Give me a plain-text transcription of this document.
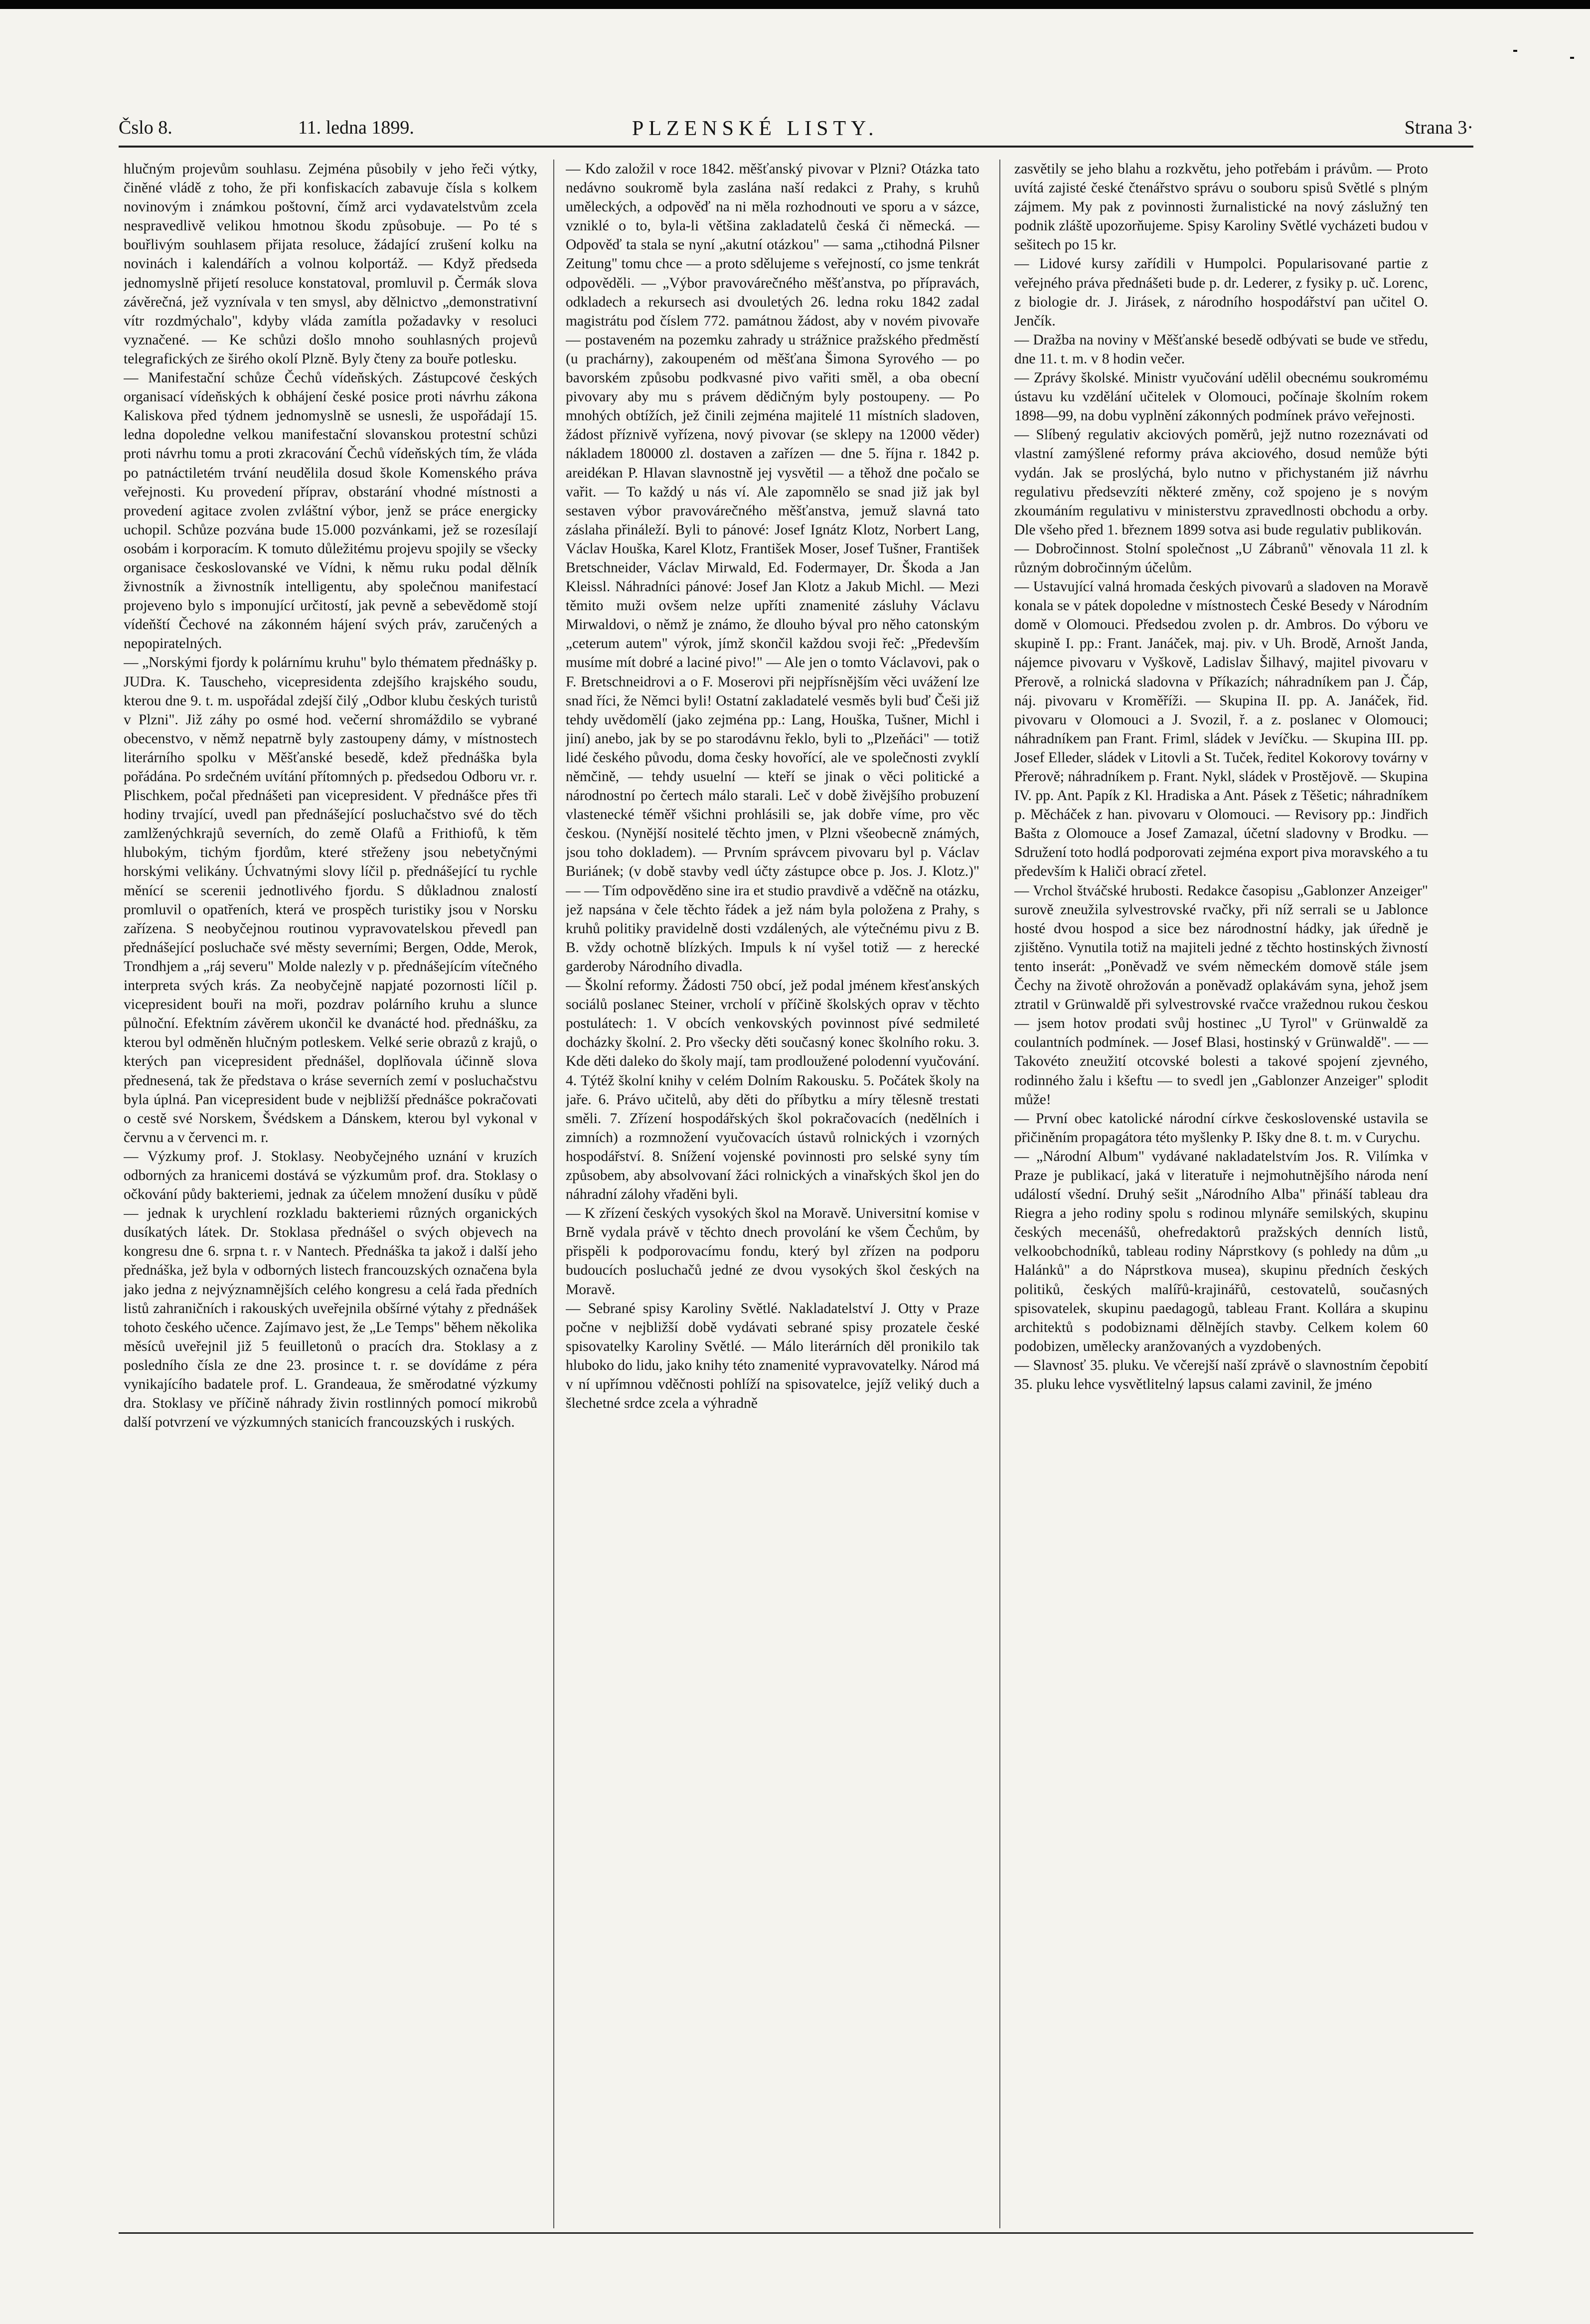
Čslo 8.	11. ledna 1899.	PLZENSKÉ LISTY.	Strana 3·

hlučným projevům souhlasu. Zejména působily v jeho řeči výtky, činěné vládě z toho, že při konfiskacích zabavuje čísla s kolkem novinovým i známkou poštovní, čímž arci vydavatelstvům zcela nespravedlivě velikou hmotnou škodu způsobuje. — Po té s bouřlivým souhlasem přijata resoluce, žádající zrušení kolku na novinách i kalendářích a volnou kolportáž. — Když předseda jednomyslně přijetí resoluce konstatoval, promluvil p. Čermák slova závěrečná, jež vyznívala v ten smysl, aby dělnictvo „demonstrativní vítr rozdmýchalo", kdyby vláda zamítla požadavky v resoluci vyznačené. — Ke schůzi došlo mnoho souhlasných projevů telegrafických ze širého okolí Plzně. Byly čteny za bouře potlesku.

— Manifestační schůze Čechů vídeňských. Zástupcové českých organisací vídeňských k obhájení české posice proti návrhu zákona Kaliskova před týdnem jednomyslně se usnesli, že uspořádají 15. ledna dopoledne velkou manifestační slovanskou protestní schůzi proti návrhu tomu a proti zkracování Čechů vídeňských tím, že vláda po patnáctiletém trvání neudělila dosud škole Komenského práva veřejnosti. Ku provedení příprav, obstarání vhodné místnosti a provedení agitace zvolen zvláštní výbor, jenž se práce energicky uchopil. Schůze pozvána bude 15.000 pozvánkami, jež se rozesílají osobám i korporacím. K tomuto důležitému projevu spojily se všecky organisace českoslovanské ve Vídni, k němu ruku podal dělník živnostník a živnostník intelligentu, aby společnou manifestací projeveno bylo s imponující určitostí, jak pevně a sebevědomě stojí vídeňští Čechové na zákonném hájení svých práv, zaručených a nepopiratelných.

— „Norskými fjordy k polárnímu kruhu" bylo thématem přednášky p. JUDra. K. Tauscheho, vicepresidenta zdejšího krajského soudu, kterou dne 9. t. m. uspořádal zdejší čilý „Odbor klubu českých turistů v Plzni". Již záhy po osmé hod. večerní shromáždilo se vybrané obecenstvo, v němž nepatrně byly zastoupeny dámy, v místnostech literárního spolku v Měšťanské besedě, kdež přednáška byla pořádána. Po srdečném uvítání přítomných p. předsedou Odboru vr. r. Plischkem, počal přednášeti pan vicepresident. V přednášce přes tři hodiny trvající, uvedl pan přednášející posluchačstvo své do těch zamlženýchkrajů severních, do země Olafů a Frithiofů, k těm hlubokým, tichým fjordům, které střeženy jsou nebetyčnými horskými velikány. Úchvatnými slovy líčil p. přednášející tu rychle měnící se scerenii jednotlivého fjordu. S důkladnou znalostí promluvil o opatřeních, která ve prospěch turistiky jsou v Norsku zařízena. S neobyčejnou routinou vypravovatelskou převedl pan přednášející posluchače své městy severními; Bergen, Odde, Merok, Trondhjem a „ráj severu" Molde nalezly v p. přednášejícím vítečného interpreta svých krás. Za neobyčejně napjaté pozornosti líčil p. vicepresident bouři na moři, pozdrav polárního kruhu a slunce půlnoční. Efektním závěrem ukončil ke dvanácté hod. přednášku, za kterou byl odměněn hlučným potleskem. Velké serie obrazů z krajů, o kterých pan vicepresident přednášel, doplňovala účinně slova přednesená, tak že představa o kráse severních zemí v posluchačstvu byla úplná. Pan vicepresident bude v nejbližší přednášce pokračovati o cestě své Norskem, Švédskem a Dánskem, kterou byl vykonal v červnu a v červenci m. r.

— Výzkumy prof. J. Stoklasy. Neobyčejného uznání v kruzích odborných za hranicemi dostává se výzkumům prof. dra. Stoklasy o očkování půdy bakteriemi, jednak za účelem množení dusíku v půdě — jednak k urychlení rozkladu bakteriemi různých organických dusíkatých látek. Dr. Stoklasa přednášel o svých objevech na kongresu dne 6. srpna t. r. v Nantech. Přednáška ta jakož i další jeho přednáška, jež byla v odborných listech francouzských označena byla jako jedna z nejvýznamnějších celého kongresu a celá řada předních listů zahraničních i rakouských uveřejnila obšírné výtahy z přednášek tohoto českého učence. Zajímavo jest, že „Le Temps" během několika měsíců uveřejnil již 5 feuilletonů o pracích dra. Stoklasy a z posledního čísla ze dne 23. prosince t. r. se dovídáme z péra vynikajícího badatele prof. L. Grandeaua, že směrodatné výzkumy dra. Stoklasy ve příčině náhrady živin rostlinných pomocí mikrobů další potvrzení ve výzkumných stanicích francouzských i ruských.

— Kdo založil v roce 1842. měšťanský pivovar v Plzni? Otázka tato nedávno soukromě byla zaslána naší redakci z Prahy, s kruhů uměleckých, a odpověď na ni měla rozhodnouti ve sporu a v sázce, vzniklé o to, byla-li většina zakladatelů česká či německá. — Odpověď ta stala se nyní „akutní otázkou" — sama „ctihodná Pilsner Zeitung" tomu chce — a proto sdělujeme s veřejností, co jsme tenkrát odpověděli. — „Výbor pravovárečného měšťanstva, po přípravách, odkladech a rekursech asi dvouletých 26. ledna roku 1842 zadal magistrátu pod číslem 772. památnou žádost, aby v novém pivovaře — postaveném na pozemku zahrady u strážnice pražského předměstí (u prachárny), zakoupeném od měšťana Šimona Syrového — po bavorském způsobu podkvasné pivo vařiti směl, a oba obecní pivovary aby mu s právem dědičným byly postoupeny. — Po mnohých obtížích, jež činili zejména majitelé 11 místních sladoven, žádost příznivě vyřízena, nový pivovar (se sklepy na 12000 věder) nákladem 180000 zl. dostaven a zařízen — dne 5. října r. 1842 p. areidékan P. Hlavan slavnostně jej vysvětil — a těhož dne počalo se vařit. — To každý u nás ví. Ale zapomnělo se snad již jak byl sestaven výbor pravovárečného měšťanstva, jemuž slavná tato záslaha přináleží. Byli to pánové: Josef Ignátz Klotz, Norbert Lang, Václav Houška, Karel Klotz, František Moser, Josef Tušner, František Bretschneider, Václav Mirwald, Ed. Fodermayer, Dr. Škoda a Jan Kleissl. Náhradníci pánové: Josef Jan Klotz a Jakub Michl. — Mezi těmito muži ovšem nelze upříti znamenité zásluhy Václavu Mirwaldovi, o němž je známo, že dlouho býval pro něho catonským „ceterum autem" výrok, jímž skončil každou svoji řeč: „Především musíme mít dobré a laciné pivo!" — Ale jen o tomto Václavovi, pak o F. Bretschneidrovi a o F. Moserovi při nejpřísnějším věci uvážení lze snad říci, že Němci byli! Ostatní zakladatelé vesměs byli buď Češi již tehdy uvědomělí (jako zejména pp.: Lang, Houška, Tušner, Michl i jiní) anebo, jak by se po starodávnu řeklo, byli to „Plzeňáci" — totiž lidé českého původu, doma česky hovořící, ale ve společnosti zvyklí němčině, — tehdy usuelní — kteří se jinak o věci politické a národnostní po čertech málo starali. Leč v době živějšího probuzení vlastenecké téměř všichni prohlásili se, jak dobře víme, pro věc českou. (Nynější nositelé těchto jmen, v Plzni všeobecně známých, jsou toho dokladem). — Prvním správcem pivovaru byl p. Václav Buriánek; (v době stavby vedl účty zástupce obce p. Jos. J. Klotz.)" — — Tím odpověděno sine ira et studio pravdivě a vděčně na otázku, jež napsána v čele těchto řádek a jež nám byla položena z Prahy, s kruhů politiky pravidelně dosti vzdálených, ale výtečnému pivu z B. B. vždy ochotně blízkých. Impuls k ní vyšel totiž — z herecké garderoby Národního divadla.

— Školní reformy. Žádosti 750 obcí, jež podal jménem křesťanských sociálů poslanec Steiner, vrcholí v příčině školských oprav v těchto postulátech: 1. V obcích venkovských povinnost pívé sedmileté docházky školní. 2. Pro všecky děti současný konec školního roku. 3. Kde děti daleko do školy mají, tam prodloužené polodenní vyučování. 4. Týtéž školní knihy v celém Dolním Rakousku. 5. Počátek školy na jaře. 6. Právo učitelů, aby děti do příbytku a míry tělesně trestati směli. 7. Zřízení hospodářských škol pokračovacích (nedělních i zimních) a rozmnožení vyučovacích ústavů rolnických i vzorných hospodářství. 8. Snížení vojenské povinnosti pro selské syny tím způsobem, aby absolvovaní žáci rolnických a vinařských škol jen do náhradní zálohy vřaděni byli.

— K zřízení českých vysokých škol na Moravě. Universitní komise v Brně vydala právě v těchto dnech provolání ke všem Čechům, by přispěli k podporovacímu fondu, který byl zřízen na podporu budoucích posluchačů jedné ze dvou vysokých škol českých na Moravě.

— Sebrané spisy Karoliny Světlé. Nakladatelství J. Otty v Praze počne v nejbližší době vydávati sebrané spisy prozatele české spisovatelky Karoliny Světlé. — Málo literárních děl pronikilo tak hluboko do lidu, jako knihy této znamenité vypravovatelky. Národ má v ní upřímnou vděčnosti pohlíží na spisovatelce, jejíž veliký duch a šlechetné srdce zcela a výhradně

zasvětily se jeho blahu a rozkvětu, jeho potřebám i právům. — Proto uvítá zajisté české čtenářstvo správu o souboru spisů Světlé s plným zájmem. My pak z povinnosti žurnalistické na nový záslužný ten podnik zláště upozorňujeme. Spisy Karoliny Světlé vycházeti budou v sešitech po 15 kr.

— Lidové kursy zařídili v Humpolci. Popularisované partie z veřejného práva přednášeti bude p. dr. Lederer, z fysiky p. uč. Lorenc, z biologie dr. J. Jirásek, z národního hospodářství pan učitel O. Jenčík.

— Dražba na noviny v Měšťanské besedě odbývati se bude ve středu, dne 11. t. m. v 8 hodin večer.

— Zprávy školské. Ministr vyučování udělil obecnému soukromému ústavu ku vzdělání učitelek v Olomouci, počínaje školním rokem 1898—99, na dobu vyplnění zákonných podmínek právo veřejnosti.

— Slíbený regulativ akciových poměrů, jejž nutno rozeznávati od vlastní zamýšlené reformy práva akciového, dosud nemůže býti vydán. Jak se proslýchá, bylo nutno v přichystaném již návrhu regulativu předsevzíti některé změny, což spojeno je s novým zkoumáním regulativu v ministerstvu zpravedlnosti obchodu a orby. Dle všeho před 1. březnem 1899 sotva asi bude regulativ publikován.

— Dobročinnost. Stolní společnost „U Zábranů" věnovala 11 zl. k různým dobročinným účelům.

— Ustavující valná hromada českých pivovarů a sladoven na Moravě konala se v pátek dopoledne v místnostech České Besedy v Národním domě v Olomouci. Předsedou zvolen p. dr. Ambros. Do výboru ve skupině I. pp.: Frant. Janáček, maj. piv. v Uh. Brodě, Arnošt Janda, nájemce pivovaru v Vyškově, Ladislav Šilhavý, majitel pivovaru v Přerově, a rolnická sladovna v Příkazích; náhradníkem pan J. Čáp, náj. pivovaru v Kroměříži. — Skupina II. pp. A. Janáček, řid. pivovaru v Olomouci a J. Svozil, ř. a z. poslanec v Olomouci; náhradníkem pan Frant. Friml, sládek v Jevíčku. — Skupina III. pp. Josef Elleder, sládek v Litovli a St. Tuček, ředitel Kokorovy továrny v Přerově; náhradníkem p. Frant. Nykl, sládek v Prostějově. — Skupina IV. pp. Ant. Papík z Kl. Hradiska a Ant. Pásek z Těšetic; náhradníkem p. Měcháček z han. pivovaru v Olomouci. — Revisory pp.: Jindřich Bašta z Olomouce a Josef Zamazal, účetní sladovny v Brodku. — Sdružení toto hodlá podporovati zejména export piva moravského a tu především k Haliči obrací zřetel.

— Vrchol štváčské hrubosti. Redakce časopisu „Gablonzer Anzeiger" surově zneužila sylvestrovské rvačky, při níž serrali se u Jablonce hosté dvou hospod a sice bez národnostní hádky, jak úředně je zjištěno. Vynutila totiž na majiteli jedné z těchto hostinských živností tento inserát: „Poněvadž ve svém německém domově stále jsem Čechy na životě ohrožován a poněvadž oplakávám syna, jehož jsem ztratil v Grünwaldě při sylvestrovské rvačce vražednou rukou českou — jsem hotov prodati svůj hostinec „U Tyrol" v Grünwaldě za coulantních podmínek. — Josef Blasi, hostinský v Grünwaldě". — — Takovéto zneužití otcovské bolesti a takové spojení zjevného, rodinného žalu i kšeftu — to svedl jen „Gablonzer Anzeiger" splodit může!

— První obec katolické národní církve československé ustavila se přičiněním propagátora této myšlenky P. Išky dne 8. t. m. v Curychu.

— „Národní Album" vydávané nakladatelstvím Jos. R. Vilímka v Praze je publikací, jaká v literatuře i nejmohutnějšího národa není událostí všední. Druhý sešit „Národního Alba" přináší tableau dra Riegra a jeho rodiny spolu s rodinou mlynáře semilských, skupinu českých mecenášů, ohefredaktorů pražských denních listů, velkoobchodníků, tableau rodiny Náprstkovy (s pohledy na dům „u Halánků" a do Náprstkova musea), skupinu předních českých politiků, českých malířů-krajinářů, cestovatelů, současných spisovatelek, skupinu paedagogů, tableau Frant. Kollára a skupinu architektů s podobiznami dělnějích stavby. Celkem kolem 60 podobizen, umělecky aranžovaných a vyzdobených.

— Slavnosť 35. pluku. Ve včerejší naší zprávě o slavnostním čepobití 35. pluku lehce vysvětlitelný lapsus calami zavinil, že jméno
